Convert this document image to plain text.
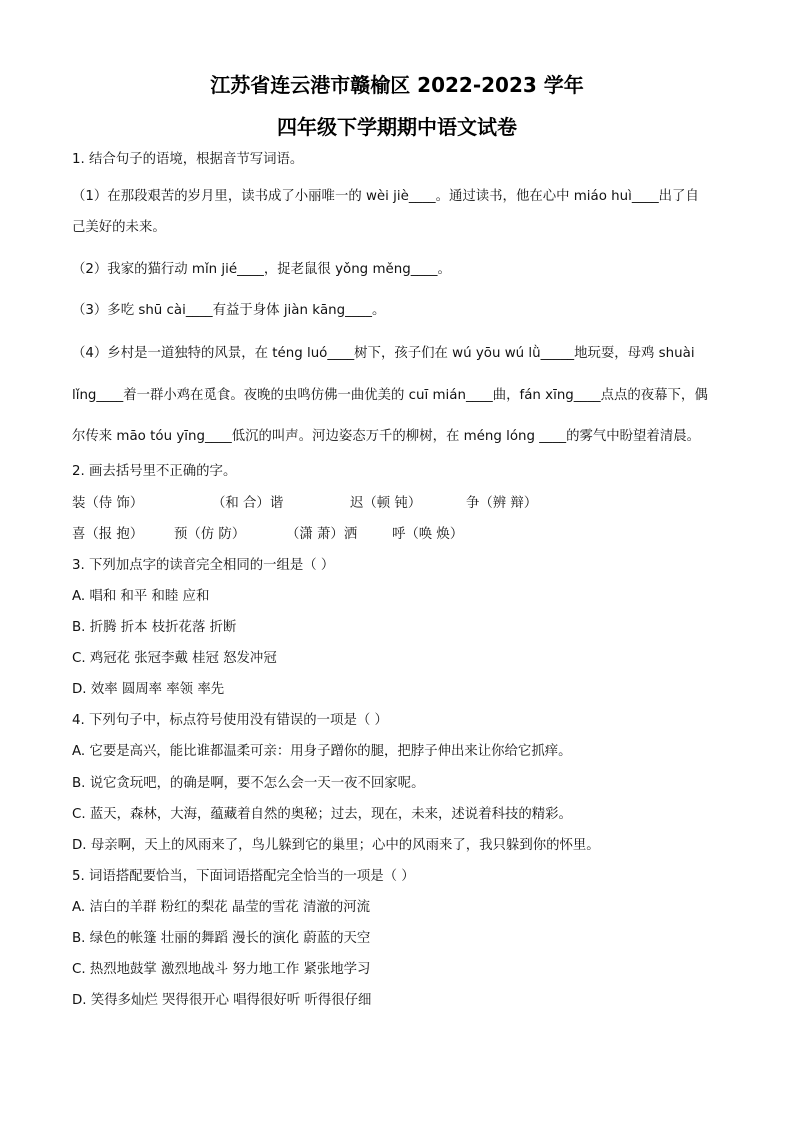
江苏省连云港市赣榆区 2022-2023 学年
四年级下学期期中语文试卷
1. 结合句子的语境，根据音节写词语。
（1）在那段艰苦的岁月里，读书成了小丽唯一的 wèi jiè____。通过读书，他在心中 miáo huì____出了自
己美好的未来。
（2）我家的猫行动 mǐn jié____，捉老鼠很 yǒng měng____。
（3）多吃 shū cài____有益于身体 jiàn kāng____。
（4）乡村是一道独特的风景，在 téng luó____树下，孩子们在 wú yōu wú lǜ_____地玩耍，母鸡 shuài
lǐng____着一群小鸡在觅食。夜晚的虫鸣仿佛一曲优美的 cuī mián____曲，fán xīng____点点的夜幕下，偶
尔传来 māo tóu yīng____低沉的叫声。河边姿态万千的柳树，在 méng lóng ____的雾气中盼望着清晨。
2. 画去括号里不正确的字。
装（侍 饰）	（和 合）谐	迟（顿 钝）	争（辨 辩）
喜（报 抱） 预（仿 防）	（潇 萧）洒	呼（唤 焕）
3. 下列加点字的读音完全相同的一组是（ ）
A. 唱和 和平 和睦 应和
B. 折腾 折本 枝折花落 折断
C. 鸡冠花 张冠李戴 桂冠 怒发冲冠
D. 效率 圆周率 率领 率先
4. 下列句子中，标点符号使用没有错误的一项是（ ）
A. 它要是高兴，能比谁都温柔可亲：用身子蹭你的腿，把脖子伸出来让你给它抓痒。
B. 说它贪玩吧，的确是啊，要不怎么会一天一夜不回家呢。
C. 蓝天，森林，大海，蕴藏着自然的奥秘；过去，现在，未来，述说着科技的精彩。
D. 母亲啊，天上的风雨来了，鸟儿躲到它的巢里；心中的风雨来了，我只躲到你的怀里。
5. 词语搭配要恰当，下面词语搭配完全恰当的一项是（ ）
A. 洁白的羊群 粉红的梨花 晶莹的雪花 清澈的河流
B. 绿色的帐篷 壮丽的舞蹈 漫长的演化 蔚蓝的天空
C. 热烈地鼓掌 激烈地战斗 努力地工作 紧张地学习
D. 笑得多灿烂 哭得很开心 唱得很好听 听得很仔细
